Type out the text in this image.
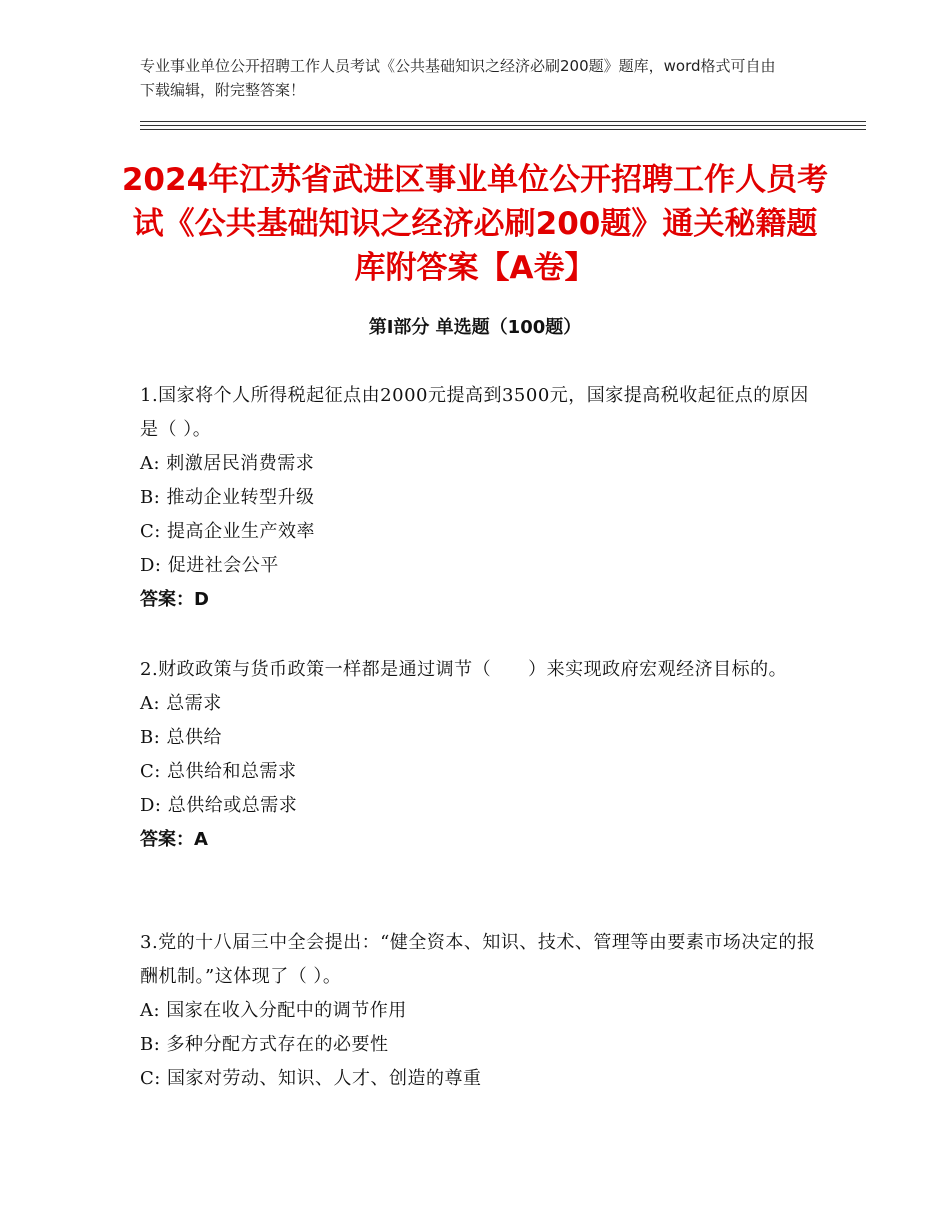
专业事业单位公开招聘工作人员考试《公共基础知识之经济必刷200题》题库，word格式可自由下载编辑，附完整答案！
2024年江苏省武进区事业单位公开招聘工作人员考试《公共基础知识之经济必刷200题》通关秘籍题库附答案【A卷】
第Ⅰ部分 单选题（100题）

1.国家将个人所得税起征点由2000元提高到3500元，国家提高税收起征点的原因是（ ）。

A: 刺激居民消费需求
B: 推动企业转型升级
C: 提高企业生产效率
D: 促进社会公平
答案：D

2.财政政策与货币政策一样都是通过调节（　　）来实现政府宏观经济目标的。

A: 总需求
B: 总供给
C: 总供给和总需求
D: 总供给或总需求
答案：A

3.党的十八届三中全会提出：“健全资本、知识、技术、管理等由要素市场决定的报酬机制。”这体现了（ ）。

A: 国家在收入分配中的调节作用
B: 多种分配方式存在的必要性
C: 国家对劳动、知识、人才、创造的尊重
